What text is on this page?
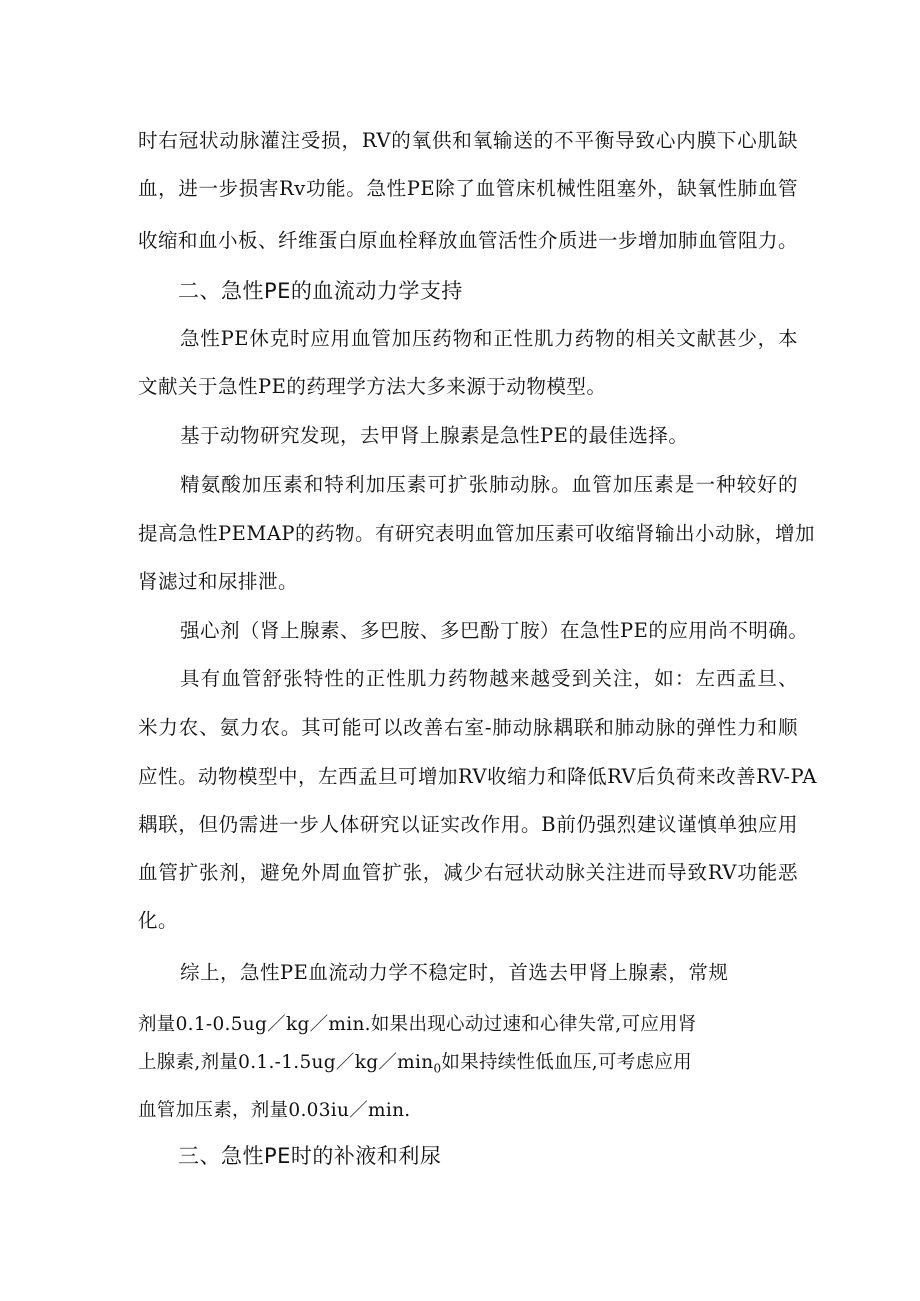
时右冠状动脉灌注受损，RV的氧供和氧输送的不平衡导致心内膜下心肌缺
血，进一步损害Rv功能。急性PE除了血管床机械性阻塞外，缺氧性肺血管
收缩和血小板、纤维蛋白原血栓释放血管活性介质进一步增加肺血管阻力。
二、急性PE的血流动力学支持
急性PE休克时应用血管加压药物和正性肌力药物的相关文献甚少，本
文献关于急性PE的药理学方法大多来源于动物模型。
基于动物研究发现，去甲肾上腺素是急性PE的最佳选择。
精氨酸加压素和特利加压素可扩张肺动脉。血管加压素是一种较好的
提高急性PEMAP的药物。有研究表明血管加压素可收缩肾输出小动脉，增加
肾滤过和尿排泄。
强心剂（肾上腺素、多巴胺、多巴酚丁胺）在急性PE的应用尚不明确。
具有血管舒张特性的正性肌力药物越来越受到关注，如：左西孟旦、
米力农、氨力农。其可能可以改善右室-肺动脉耦联和肺动脉的弹性力和顺
应性。动物模型中，左西孟旦可增加RV收缩力和降低RV后负荷来改善RV-PA
耦联，但仍需进一步人体研究以证实改作用。B前仍强烈建议谨慎单独应用
血管扩张剂，避免外周血管扩张，减少右冠状动脉关注进而导致RV功能恶
化。
综上，急性PE血流动力学不稳定时，首选去甲肾上腺素，常规
剂量0.1-0.5ug／kg／min.如果出现心动过速和心律失常,可应用肾
上腺素,剂量$0.1.-1.5ug/kg/\min_0$如果持续性低血压,可考虑应用
血管加压素，剂量0.03iu／min.
三、急性PE时的补液和利尿
